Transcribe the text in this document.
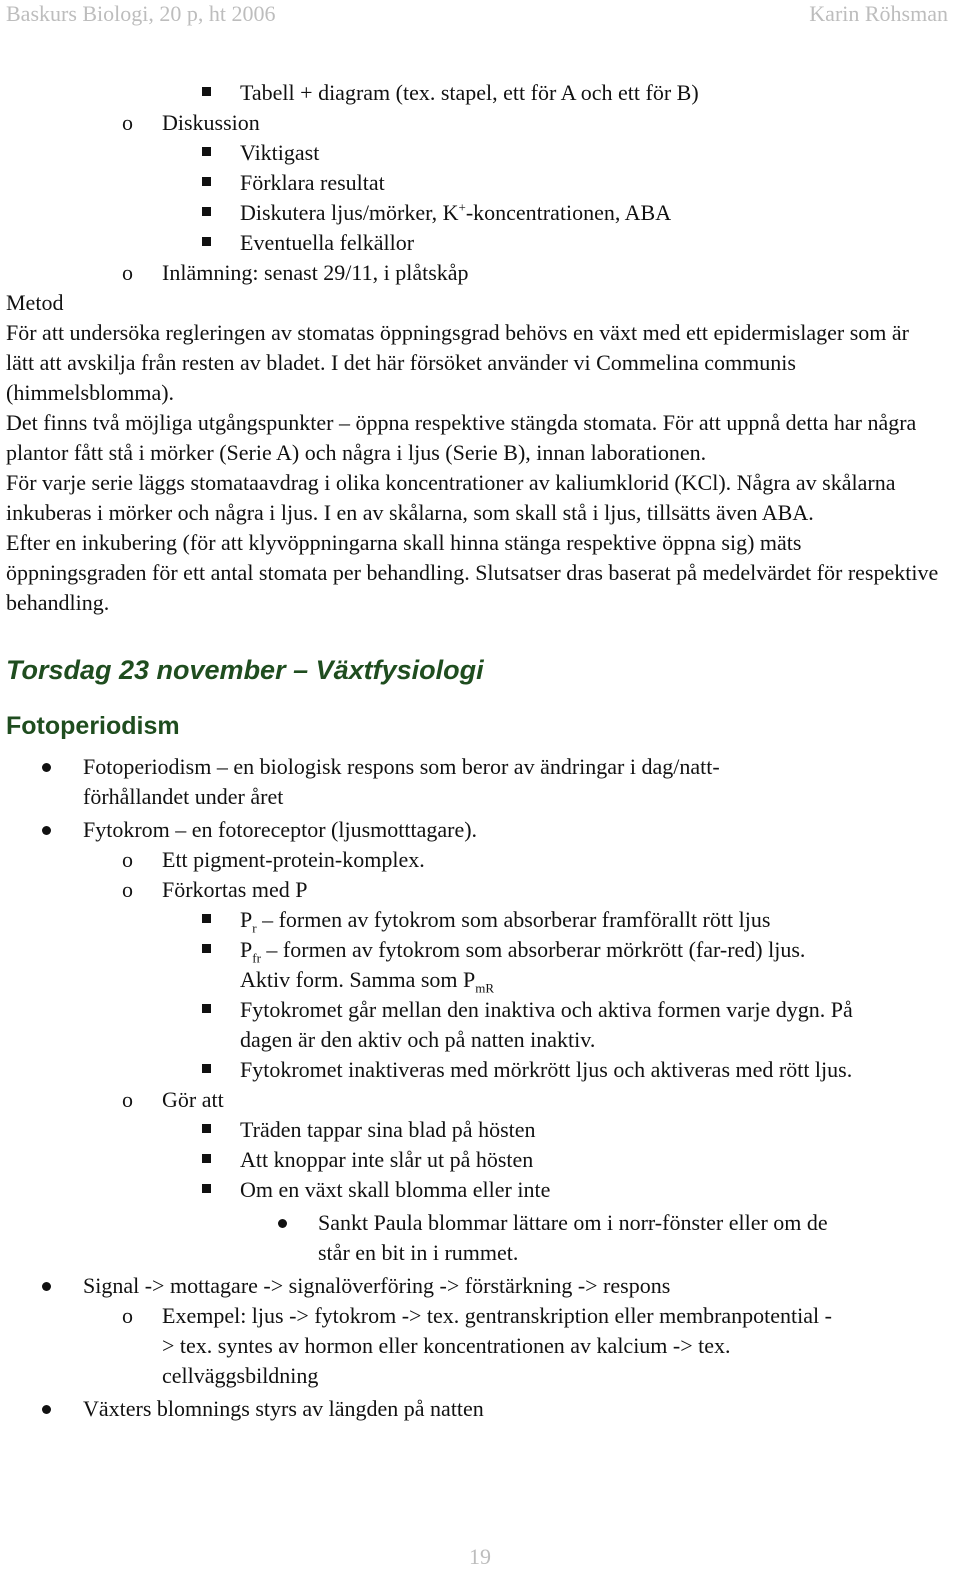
Baskurs Biologi, 20 p, ht 2006	Karin Röhsman

Tabell + diagram (tex. stapel, ett för A och ett för B)

o Diskussion

Viktigast

Förklara resultat

Diskutera ljus/mörker, K+-koncentrationen, ABA

Eventuella felkällor

o Inlämning: senast 29/11, i plåtskåp

Metod

För att undersöka regleringen av stomatas öppningsgrad behövs en växt med ett epidermislager som är lätt att avskilja från resten av bladet. I det här försöket använder vi Commelina communis (himmelsblomma).

Det finns två möjliga utgångspunkter – öppna respektive stängda stomata. För att uppnå detta har några plantor fått stå i mörker (Serie A) och några i ljus (Serie B), innan laborationen.

För varje serie läggs stomataavdrag i olika koncentrationer av kaliumklorid (KCl). Några av skålarna inkuberas i mörker och några i ljus. I en av skålarna, som skall stå i ljus, tillsätts även ABA.

Efter en inkubering (för att klyvöppningarna skall hinna stänga respektive öppna sig) mäts öppningsgraden för ett antal stomata per behandling. Slutsatser dras baserat på medelvärdet för respektive behandling.

Torsdag 23 november – Växtfysiologi
Fotoperiodism

Fotoperiodism – en biologisk respons som beror av ändringar i dag/natt-

förhållandet under året

Fytokrom – en fotoreceptor (ljusmotttagare).

o Ett pigment-protein-komplex.

o Förkortas med P

$P_r$ – formen av fytokrom som absorberar framförallt rött ljus

$P_{fr}$ – formen av fytokrom som absorberar mörkrött (far-red) ljus.

Aktiv form. Samma som $P_{mR}$

Fytokromet går mellan den inaktiva och aktiva formen varje dygn. På

dagen är den aktiv och på natten inaktiv.

Fytokromet inaktiveras med mörkrött ljus och aktiveras med rött ljus.

o Gör att

Träden tappar sina blad på hösten

Att knoppar inte slår ut på hösten

Om en växt skall blomma eller inte

Sankt Paula blommar lättare om i norr-fönster eller om de

står en bit in i rummet.

Signal -> mottagare -> signalöverföring -> förstärkning -> respons

o Exempel: ljus -> fytokrom -> tex. gentranskription eller membranpotential -

> tex. syntes av hormon eller koncentrationen av kalcium -> tex.

cellväggsbildning

Växters blomnings styrs av längden på natten

19
